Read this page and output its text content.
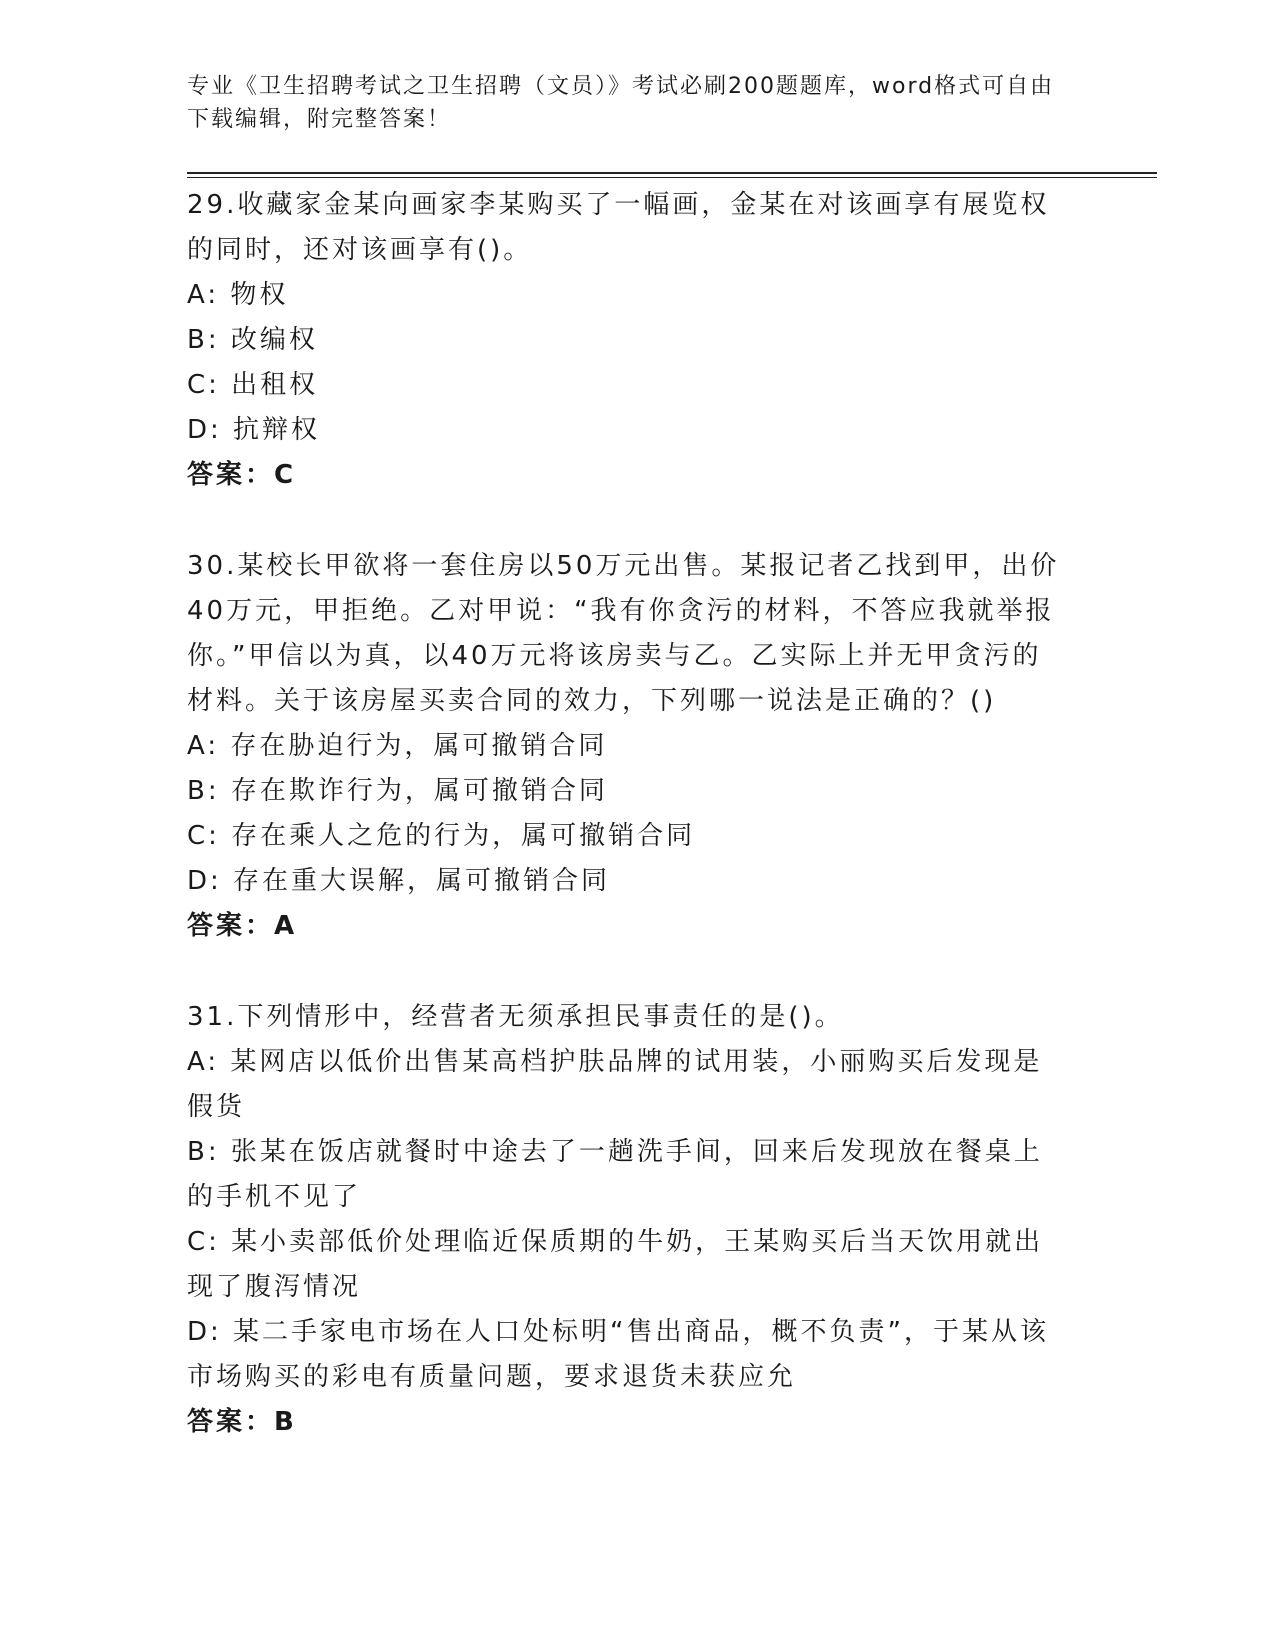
专业《卫生招聘考试之卫生招聘（文员）》考试必刷200题题库，word格式可自由下载编辑，附完整答案！

29.收藏家金某向画家李某购买了一幅画，金某在对该画享有展览权的同时，还对该画享有()。

A: 物权

B: 改编权

C: 出租权

D: 抗辩权

答案：C

30.某校长甲欲将一套住房以50万元出售。某报记者乙找到甲，出价40万元，甲拒绝。乙对甲说：“我有你贪污的材料，不答应我就举报你。”甲信以为真，以40万元将该房卖与乙。乙实际上并无甲贪污的材料。关于该房屋买卖合同的效力，下列哪一说法是正确的？()

A: 存在胁迫行为，属可撤销合同

B: 存在欺诈行为，属可撤销合同

C: 存在乘人之危的行为，属可撤销合同

D: 存在重大误解，属可撤销合同

答案：A

31.下列情形中，经营者无须承担民事责任的是()。

A: 某网店以低价出售某高档护肤品牌的试用装，小丽购买后发现是假货

B: 张某在饭店就餐时中途去了一趟洗手间，回来后发现放在餐桌上的手机不见了

C: 某小卖部低价处理临近保质期的牛奶，王某购买后当天饮用就出现了腹泻情况

D: 某二手家电市场在人口处标明“售出商品，概不负责”，于某从该市场购买的彩电有质量问题，要求退货未获应允

答案：B
